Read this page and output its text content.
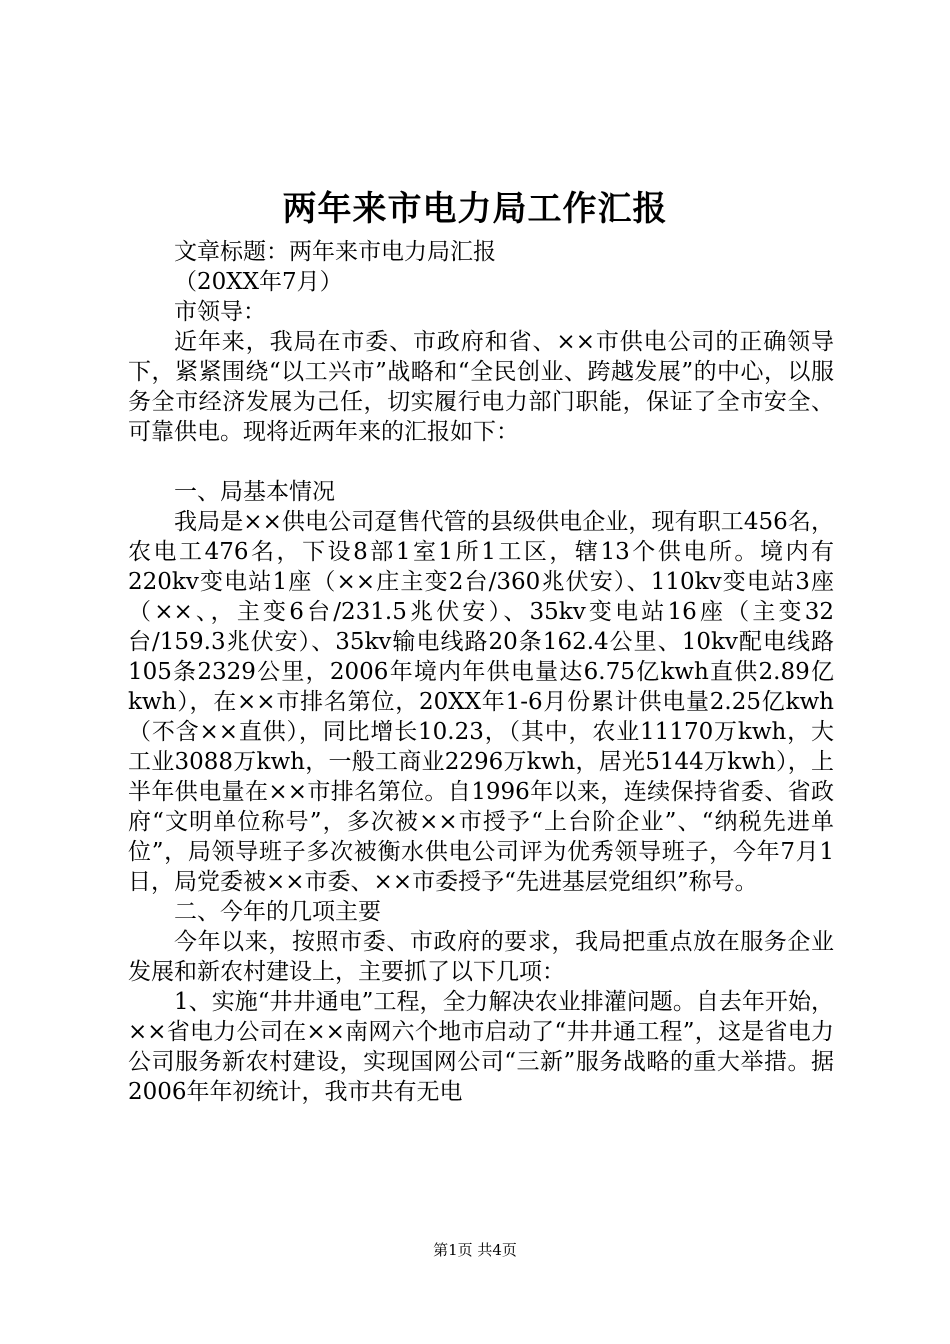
两年来市电力局工作汇报

文章标题：两年来市电力局汇报

（20XX年7月）

市领导：

近年来，我局在市委、市政府和省、××市供电公司的正确领导下，紧紧围绕“以工兴市”战略和“全民创业、跨越发展”的中心，以服务全市经济发展为己任，切实履行电力部门职能，保证了全市安全、可靠供电。现将近两年来的汇报如下：

一、局基本情况

我局是××供电公司趸售代管的县级供电企业，现有职工456名，农电工476名，下设8部1室1所1工区，辖13个供电所。境内有220kv变电站1座（××庄主变2台/360兆伏安）、110kv变电站3座（××、，主变6台/231.5兆伏安）、35kv变电站16座（主变32台/159.3兆伏安）、35kv输电线路20条162.4公里、10kv配电线路105条2329公里，2006年境内年供电量达6.75亿kwh直供2.89亿kwh），在××市排名第位，20XX年1-6月份累计供电量2.25亿kwh（不含××直供），同比增长10.23，（其中，农业11170万kwh，大工业3088万kwh，一般工商业2296万kwh，居光5144万kwh），上半年供电量在××市排名第位。自1996年以来，连续保持省委、省政府“文明单位称号”，多次被××市授予“上台阶企业”、“纳税先进单位”，局领导班子多次被衡水供电公司评为优秀领导班子，今年7月1日，局党委被××市委、××市委授予“先进基层党组织”称号。

二、今年的几项主要

今年以来，按照市委、市政府的要求，我局把重点放在服务企业发展和新农村建设上，主要抓了以下几项：

1、实施“井井通电”工程，全力解决农业排灌问题。自去年开始，××省电力公司在××南网六个地市启动了“井井通工程”，这是省电力公司服务新农村建设，实现国网公司“三新”服务战略的重大举措。据2006年年初统计，我市共有无电

第1页 共4页
